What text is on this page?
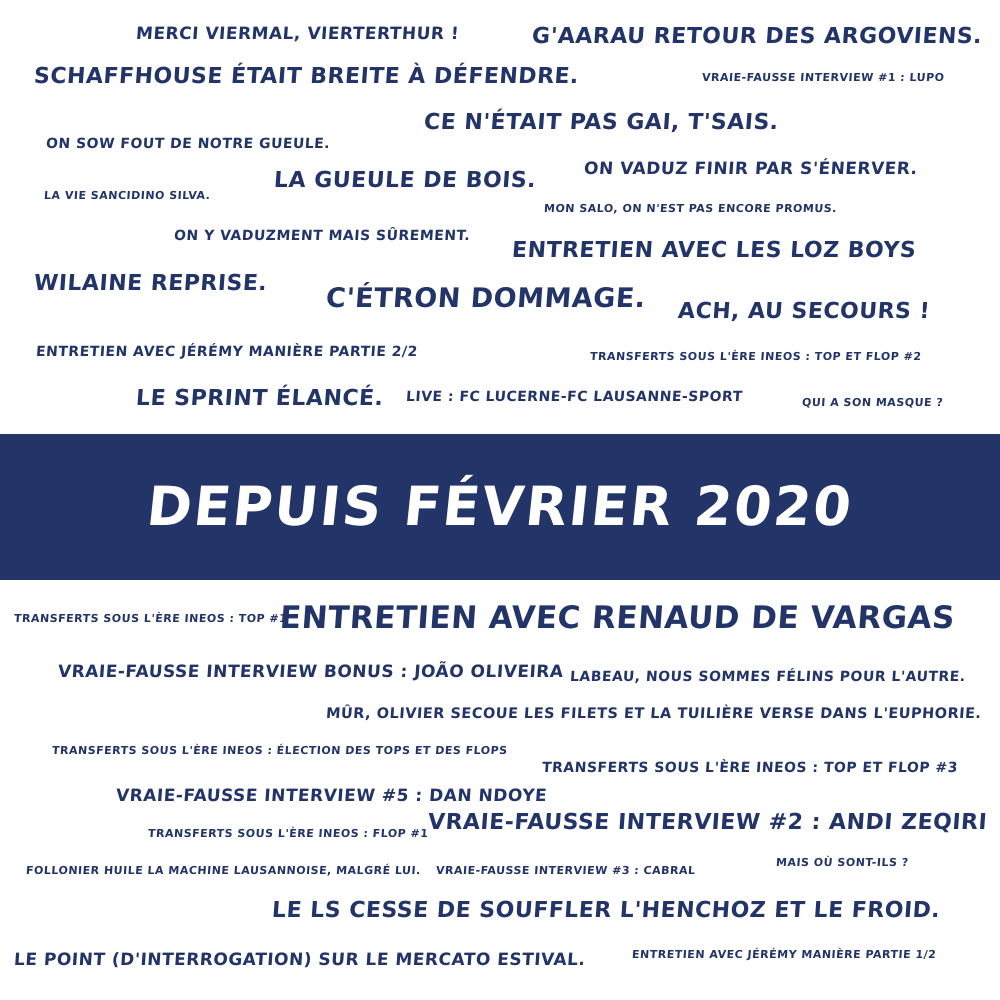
MERCI VIERMAL, VIERTERTHUR !	G'AARAU RETOUR DES ARGOVIENS.
SCHAFFHOUSE ÉTAIT BREITE À DÉFENDRE.	VRAIE-FAUSSE INTERVIEW #1 : LUPO
CE N'ÉTAIT PAS GAI, T'SAIS.
ON SOW FOUT DE NOTRE GUEULE.
ON VADUZ FINIR PAR S'ÉNERVER.
LA VIE SANCIDINO SILVA.
LA GUEULE DE BOIS.
MON SALO, ON N'EST PAS ENCORE PROMUS.
ON Y VADUZMENT MAIS SÛREMENT.
ENTRETIEN AVEC LES LOZ BOYS
WILAINE REPRISE. C'ÉTRON DOMMAGE. ACH, AU SECOURS !
ENTRETIEN AVEC JÉRÉMY MANIÈRE PARTIE 2/2	TRANSFERTS SOUS L'ÈRE INEOS : TOP ET FLOP #2
LE SPRINT ÉLANCÉ. LIVE : FC LUCERNE-FC LAUSANNE-SPORT	QUI A SON MASQUE ?
DEPUIS FÉVRIER 2020
TRANSFERTS SOUS L'ÈRE INEOS : TOP #1
ENTRETIEN AVEC RENAUD DE VARGAS
VRAIE-FAUSSE INTERVIEW BONUS : JOÃO OLIVEIRA LABEAU, NOUS SOMMES FÉLINS POUR L'AUTRE.
MÛR, OLIVIER SECOUE LES FILETS ET LA TUILIÈRE VERSE DANS L'EUPHORIE.
TRANSFERTS SOUS L'ÈRE INEOS : ÉLECTION DES TOPS ET DES FLOPS
TRANSFERTS SOUS L'ÈRE INEOS : TOP ET FLOP #3
VRAIE-FAUSSE INTERVIEW #5 : DAN NDOYE
TRANSFERTS SOUS L'ÈRE INEOS : FLOP #1
VRAIE-FAUSSE INTERVIEW #2 : ANDI ZEQIRI
FOLLONIER HUILE LA MACHINE LAUSANNOISE, MALGRÉ LUI. VRAIE-FAUSSE INTERVIEW #3 : CABRAL
MAIS OÙ SONT-ILS ?
LE LS CESSE DE SOUFFLER L'HENCHOZ ET LE FROID.
LE POINT (D'INTERROGATION) SUR LE MERCATO ESTIVAL.	ENTRETIEN AVEC JÉRÉMY MANIÈRE PARTIE 1/2
